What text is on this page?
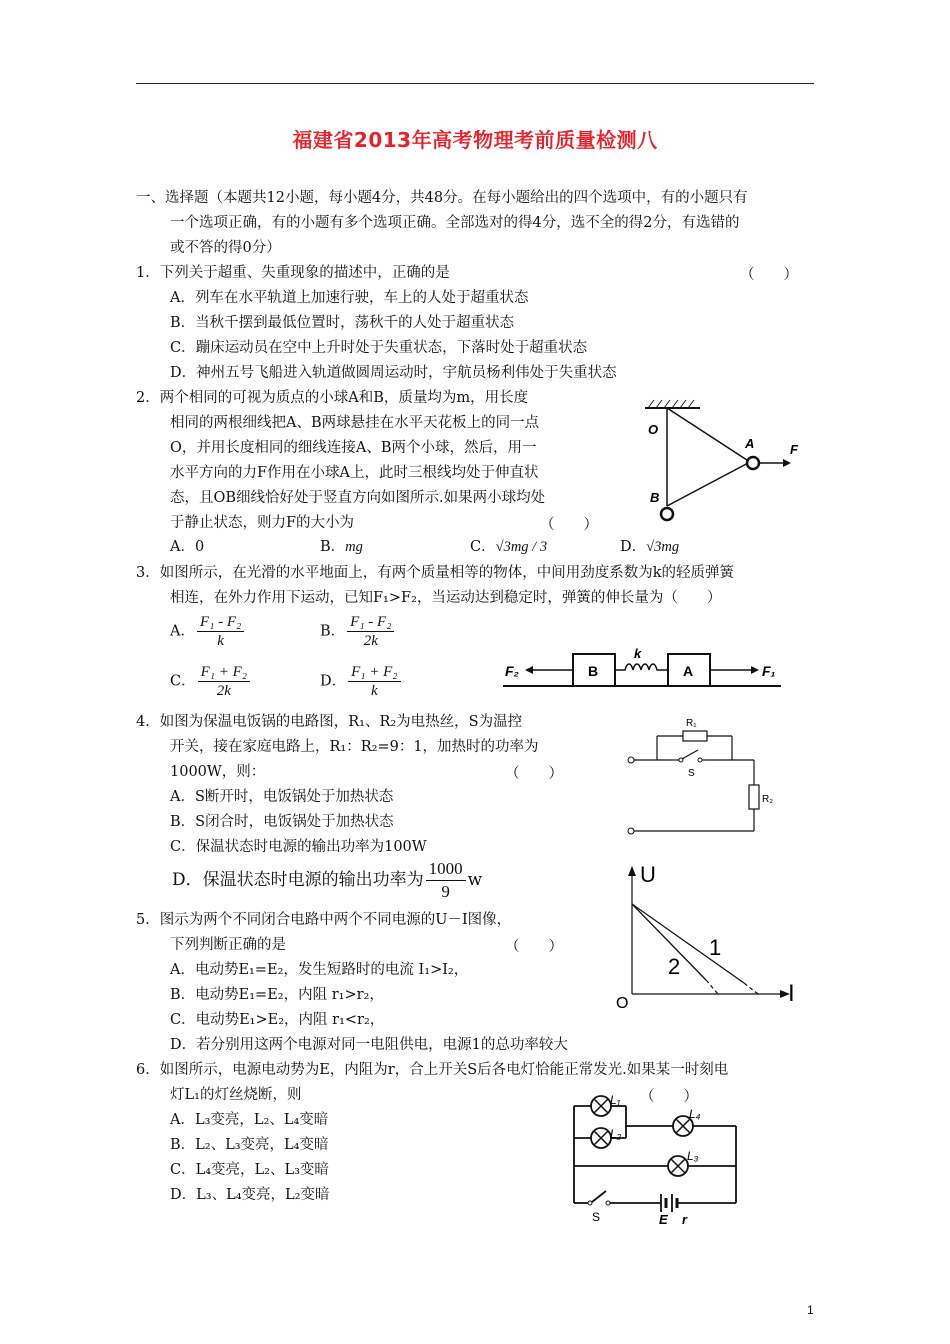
福建省2013年高考物理考前质量检测八
一、选择题（本题共12小题，每小题4分，共48分。在每小题给出的四个选项中，有的小题只有
一个选项正确，有的小题有多个选项正确。全部选对的得4分，选不全的得2分，有选错的
或不答的得0分）
1．下列关于超重、失重现象的描述中，正确的是	（　　）
A．列车在水平轨道上加速行驶，车上的人处于超重状态
B．当秋千摆到最低位置时，荡秋千的人处于超重状态
C．蹦床运动员在空中上升时处于失重状态，下落时处于超重状态
D．神州五号飞船进入轨道做圆周运动时，宇航员杨利伟处于失重状态
2．两个相同的可视为质点的小球A和B，质量均为m，用长度
相同的两根细线把A、B两球悬挂在水平天花板上的同一点
O，并用长度相同的细线连接A、B两个小球，然后，用一
水平方向的力F作用在小球A上，此时三根线均处于伸直状
态，且OB细线恰好处于竖直方向如图所示.如果两小球均处
于静止状态，则力F的大小为	（　　）
A．0	B．mg	C．√3mg / 3	D．√3mg
O
A
B
F
3．如图所示，在光滑的水平地面上，有两个质量相等的物体，中间用劲度系数为k的轻质弹簧
相连，在外力作用下运动，已知F₁>F₂，当运动达到稳定时，弹簧的伸长量为（　　）
A． $\frac{\text{F₁ - F₂}}{k}$	B． $\frac{\text{F₁ - F₂}}{2k}$
C． $\frac{\text{F₁ + F₂}}{2k}$	D． $\frac{\text{F₁ + F₂}}{k}$	F₂	B
k
A	F₁
4．如图为保温电饭锅的电路图，R₁、R₂为电热丝，S为温控
开关，接在家庭电路上，R₁：R₂=9：1，加热时的功率为
1000W，则：	（　　）
A．S断开时，电饭锅处于加热状态
B．S闭合时，电饭锅处于加热状态
C．保温状态时电源的输出功率为100W
D．保温状态时电源的输出功率为 $\frac{1000}{9}$ w
R₁
R₂
S
5．图示为两个不同闭合电路中两个不同电源的U－I图像，
下列判断正确的是	（　　）
A．电动势E₁=E₂，发生短路时的电流 I₁>I₂，
B．电动势E₁=E₂，内阻 r₁>r₂，
C．电动势E₁>E₂，内阻 r₁<r₂，
D．若分别用这两个电源对同一电阻供电，电源1的总功率较大
U
I
O
1
2
6．如图所示，电源电动势为E，内阻为r，合上开关S后各电灯恰能正常发光.如果某一时刻电
灯L₁的灯丝烧断，则	（　　）
A．L₃变亮，L₂、L₄变暗
B．L₂、L₃变亮，L₄变暗
C．L₄变亮，L₂、L₃变暗
D．L₃、L₄变亮，L₂变暗
L₁
L₂
L₄
L₃
S	E r
1
